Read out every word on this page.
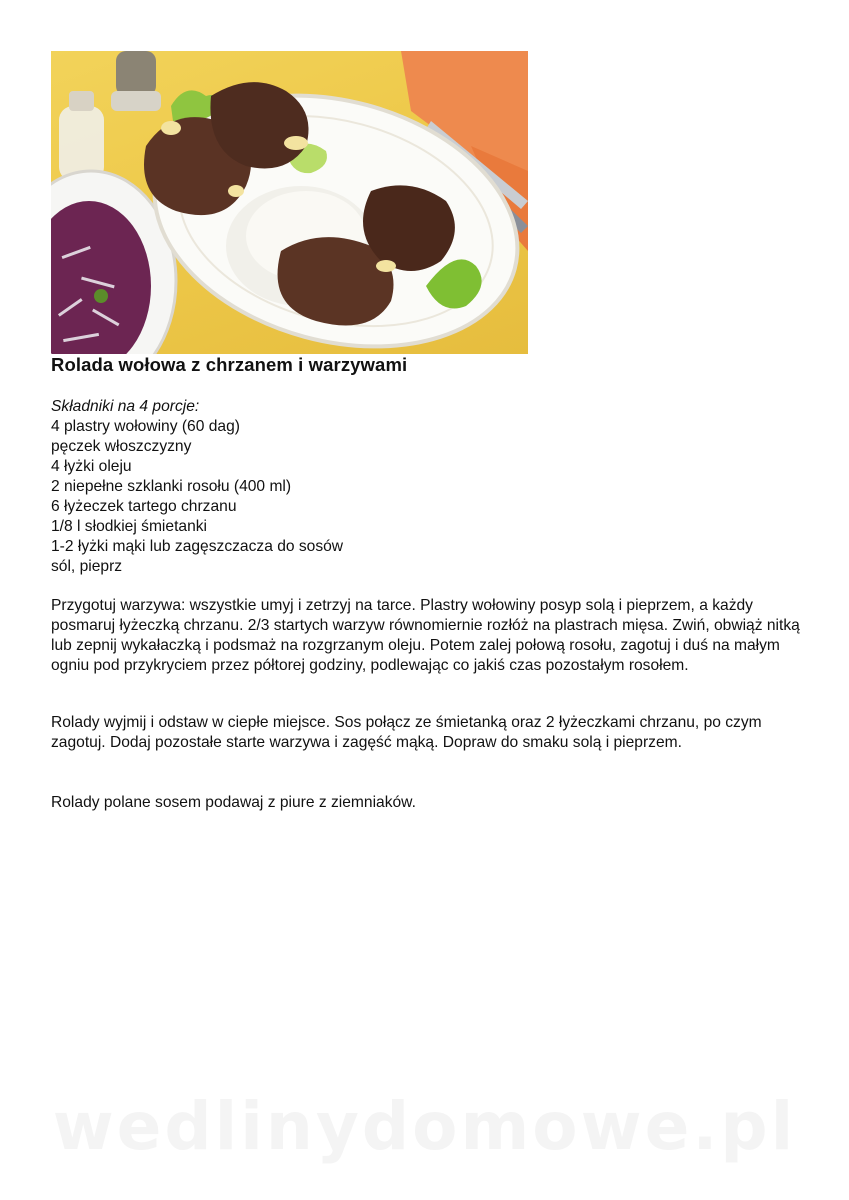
Rolada wołowa z chrzanem i warzywami
Składniki na 4 porcje:
4 plastry wołowiny (60 dag)
pęczek włoszczyzny
4 łyżki oleju
2 niepełne szklanki rosołu (400 ml)
6 łyżeczek tartego chrzanu
1/8 l słodkiej śmietanki
1-2 łyżki mąki lub zagęszczacza do sosów
sól, pieprz
Przygotuj warzywa: wszystkie umyj i zetrzyj na tarce. Plastry wołowiny posyp solą i pieprzem, a każdy posmaruj łyżeczką chrzanu. 2/3 startych warzyw równomiernie rozłóż na plastrach mięsa. Zwiń, obwiąż nitką lub zepnij wykałaczką i podsmaż na rozgrzanym oleju. Potem zalej połową rosołu, zagotuj i duś na małym ogniu pod przykryciem przez półtorej godziny, podlewając co jakiś czas pozostałym rosołem.
Rolady wyjmij i odstaw w ciepłe miejsce. Sos połącz ze śmietanką oraz 2 łyżeczkami chrzanu, po czym zagotuj. Dodaj pozostałe starte warzywa i zagęść mąką. Dopraw do smaku solą i pieprzem.
Rolady polane sosem podawaj z piure z ziemniaków.
wedlinydomowe.pl
